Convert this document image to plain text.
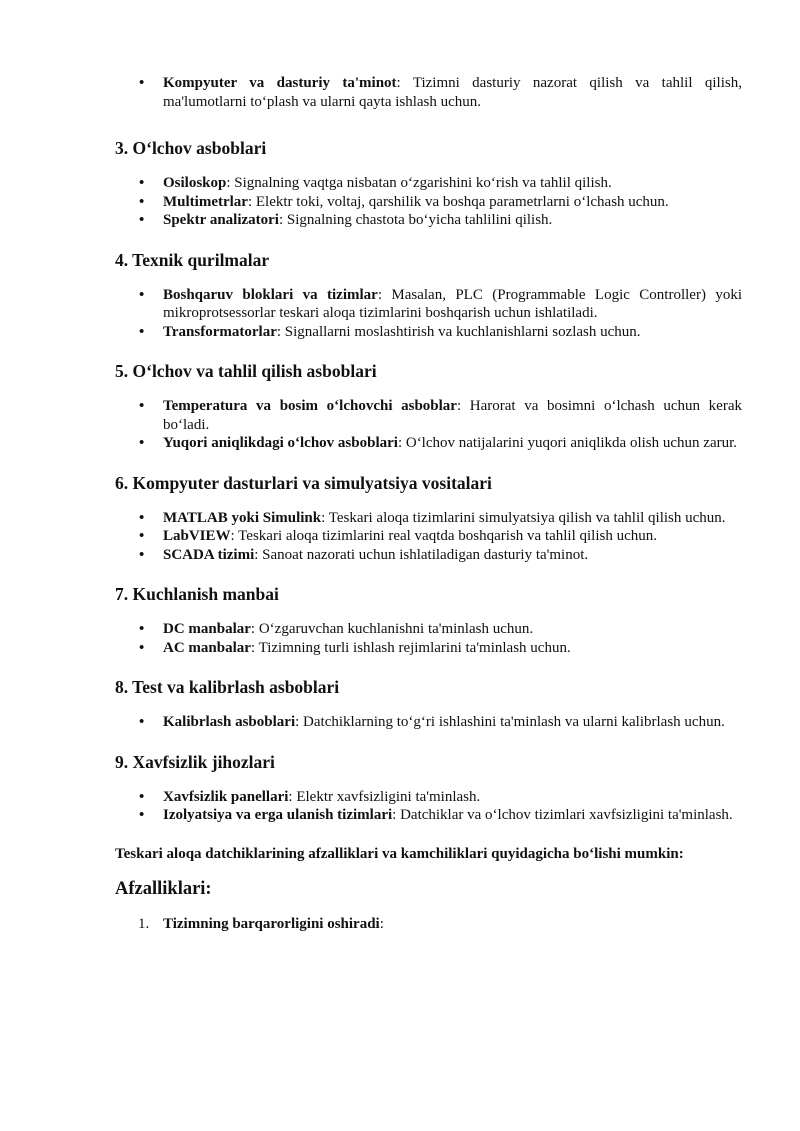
• Kompyuter va dasturiy ta'minot: Tizimni dasturiy nazorat qilish va tahlil qilish, ma'lumotlarni to‘plash va ularni qayta ishlash uchun.
3. O‘lchov asboblari
• Osiloskop: Signalning vaqtga nisbatan o‘zgarishini ko‘rish va tahlil qilish.
• Multimetrlar: Elektr toki, voltaj, qarshilik va boshqa parametrlarni o‘lchash uchun.
• Spektr analizatori: Signalning chastota bo‘yicha tahlilini qilish.
4. Texnik qurilmalar
• Boshqaruv bloklari va tizimlar: Masalan, PLC (Programmable Logic Controller) yoki mikroprotsessorlar teskari aloqa tizimlarini boshqarish uchun ishlatiladi.
• Transformatorlar: Signallarni moslashtirish va kuchlanishlarni sozlash uchun.
5. O‘lchov va tahlil qilish asboblari
• Temperatura va bosim o‘lchovchi asboblar: Harorat va bosimni o‘lchash uchun kerak bo‘ladi.
• Yuqori aniqlikdagi o‘lchov asboblari: O‘lchov natijalarini yuqori aniqlikda olish uchun zarur.
6. Kompyuter dasturlari va simulyatsiya vositalari
• MATLAB yoki Simulink: Teskari aloqa tizimlarini simulyatsiya qilish va tahlil qilish uchun.
• LabVIEW: Teskari aloqa tizimlarini real vaqtda boshqarish va tahlil qilish uchun.
• SCADA tizimi: Sanoat nazorati uchun ishlatiladigan dasturiy ta'minot.
7. Kuchlanish manbai
• DC manbalar: O‘zgaruvchan kuchlanishni ta'minlash uchun.
• AC manbalar: Tizimning turli ishlash rejimlarini ta'minlash uchun.
8. Test va kalibrlash asboblari
• Kalibrlash asboblari: Datchiklarning to‘g‘ri ishlashini ta'minlash va ularni kalibrlash uchun.
9. Xavfsizlik jihozlari
• Xavfsizlik panellari: Elektr xavfsizligini ta'minlash.
• Izolyatsiya va erga ulanish tizimlari: Datchiklar va o‘lchov tizimlari xavfsizligini ta'minlash.

Teskari aloqa datchiklarining afzalliklari va kamchiliklari quyidagicha bo‘lishi mumkin:

Afzalliklari:
1. Tizimning barqarorligini oshiradi:
